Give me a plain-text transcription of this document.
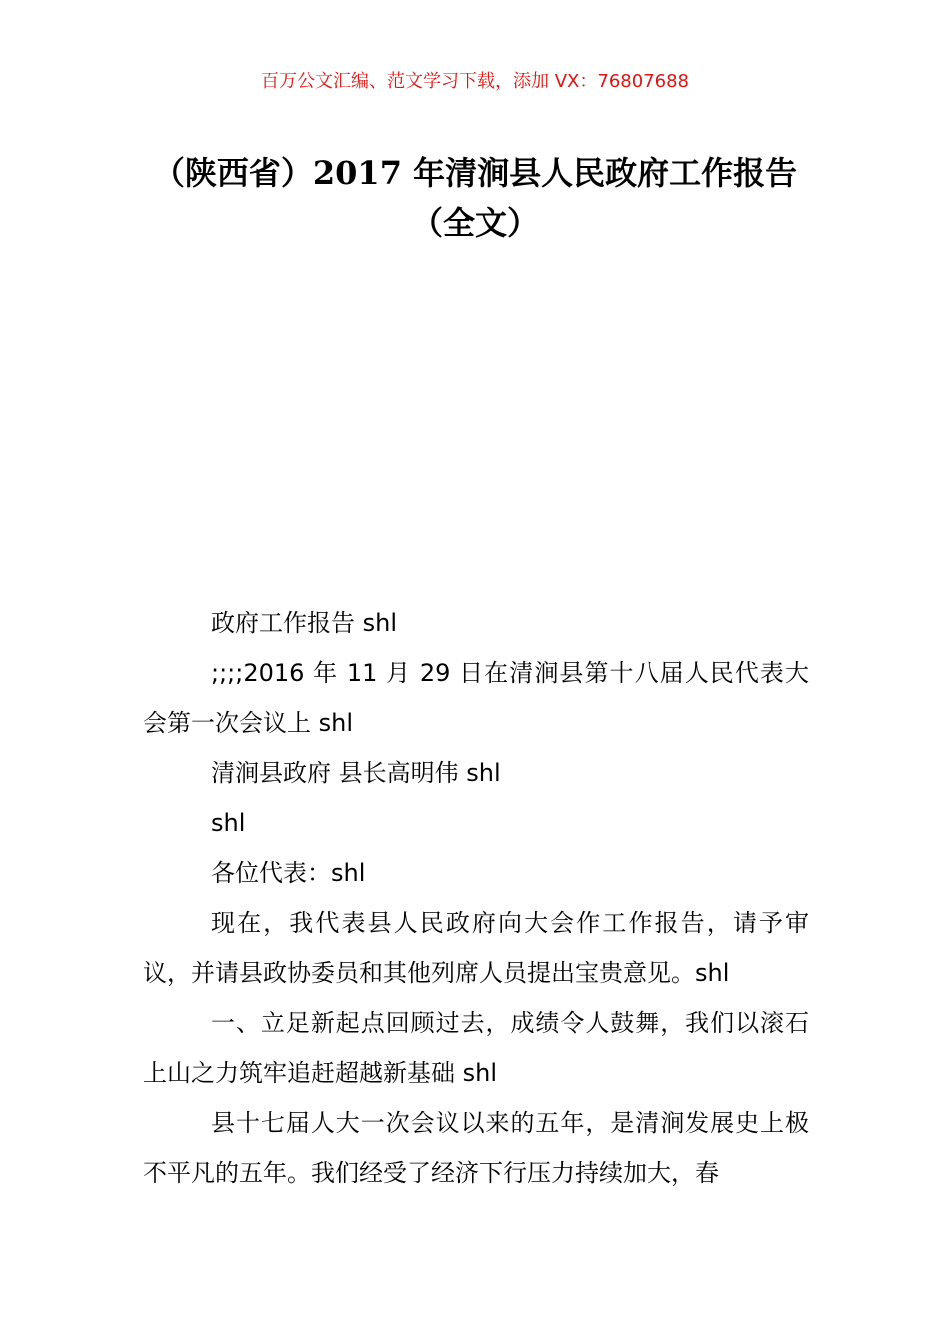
百万公文汇编、范文学习下载，添加 VX：76807688
（陕西省）2017 年清涧县人民政府工作报告（全文）

政府工作报告 shl

;;;;2016 年 11 月 29 日在清涧县第十八届人民代表大会第一次会议上 shl

清涧县政府 县长高明伟 shl

shl

各位代表：shl

现在，我代表县人民政府向大会作工作报告，请予审议，并请县政协委员和其他列席人员提出宝贵意见。shl

一、立足新起点回顾过去，成绩令人鼓舞，我们以滚石上山之力筑牢追赶超越新基础 shl

县十七届人大一次会议以来的五年，是清涧发展史上极不平凡的五年。我们经受了经济下行压力持续加大，春
